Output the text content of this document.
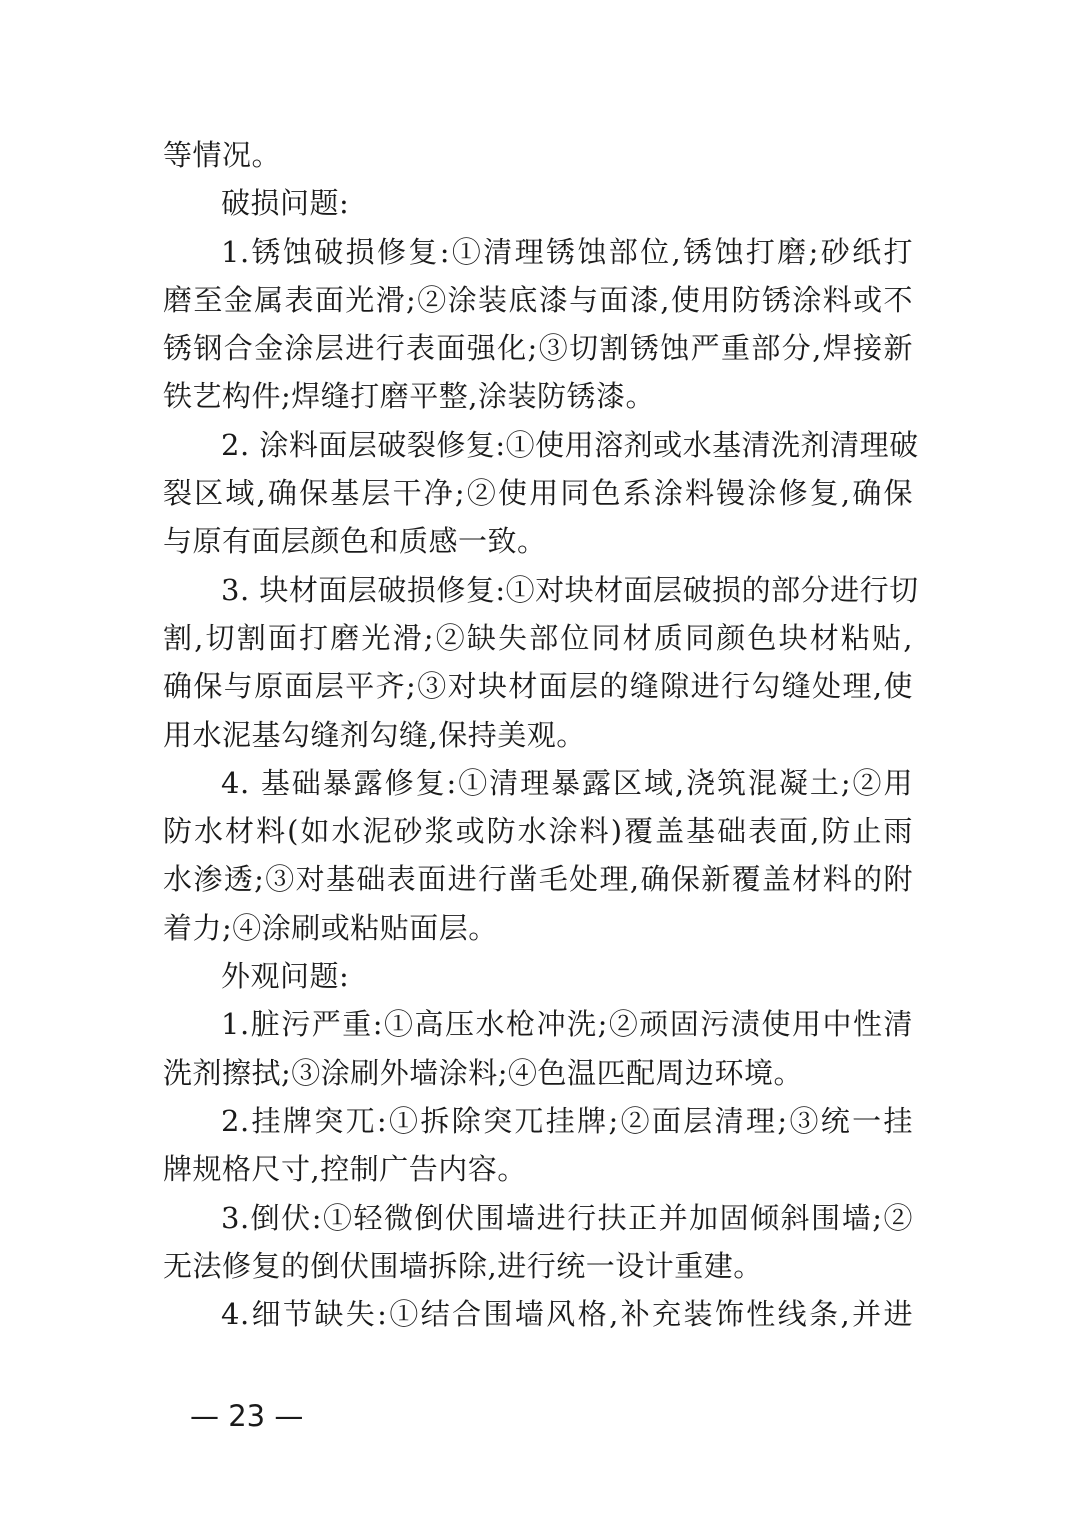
等情况。
破损问题:
1.锈蚀破损修复:①清理锈蚀部位,锈蚀打磨;砂纸打
磨至金属表面光滑;②涂装底漆与面漆,使用防锈涂料或不
锈钢合金涂层进行表面强化;③切割锈蚀严重部分,焊接新
铁艺构件;焊缝打磨平整,涂装防锈漆。
2. 涂料面层破裂修复:①使用溶剂或水基清洗剂清理破
裂区域,确保基层干净;②使用同色系涂料镘涂修复,确保
与原有面层颜色和质感一致。
3. 块材面层破损修复:①对块材面层破损的部分进行切
割,切割面打磨光滑;②缺失部位同材质同颜色块材粘贴,
确保与原面层平齐;③对块材面层的缝隙进行勾缝处理,使
用水泥基勾缝剂勾缝,保持美观。
4. 基础暴露修复:①清理暴露区域,浇筑混凝土;②用
防水材料(如水泥砂浆或防水涂料)覆盖基础表面,防止雨
水渗透;③对基础表面进行凿毛处理,确保新覆盖材料的附
着力;④涂刷或粘贴面层。
外观问题:
1.脏污严重:①高压水枪冲洗;②顽固污渍使用中性清
洗剂擦拭;③涂刷外墙涂料;④色温匹配周边环境。
2.挂牌突兀:①拆除突兀挂牌;②面层清理;③统一挂
牌规格尺寸,控制广告内容。
3.倒伏:①轻微倒伏围墙进行扶正并加固倾斜围墙;②
无法修复的倒伏围墙拆除,进行统一设计重建。
4.细节缺失:①结合围墙风格,补充装饰性线条,并进
— 23 —
